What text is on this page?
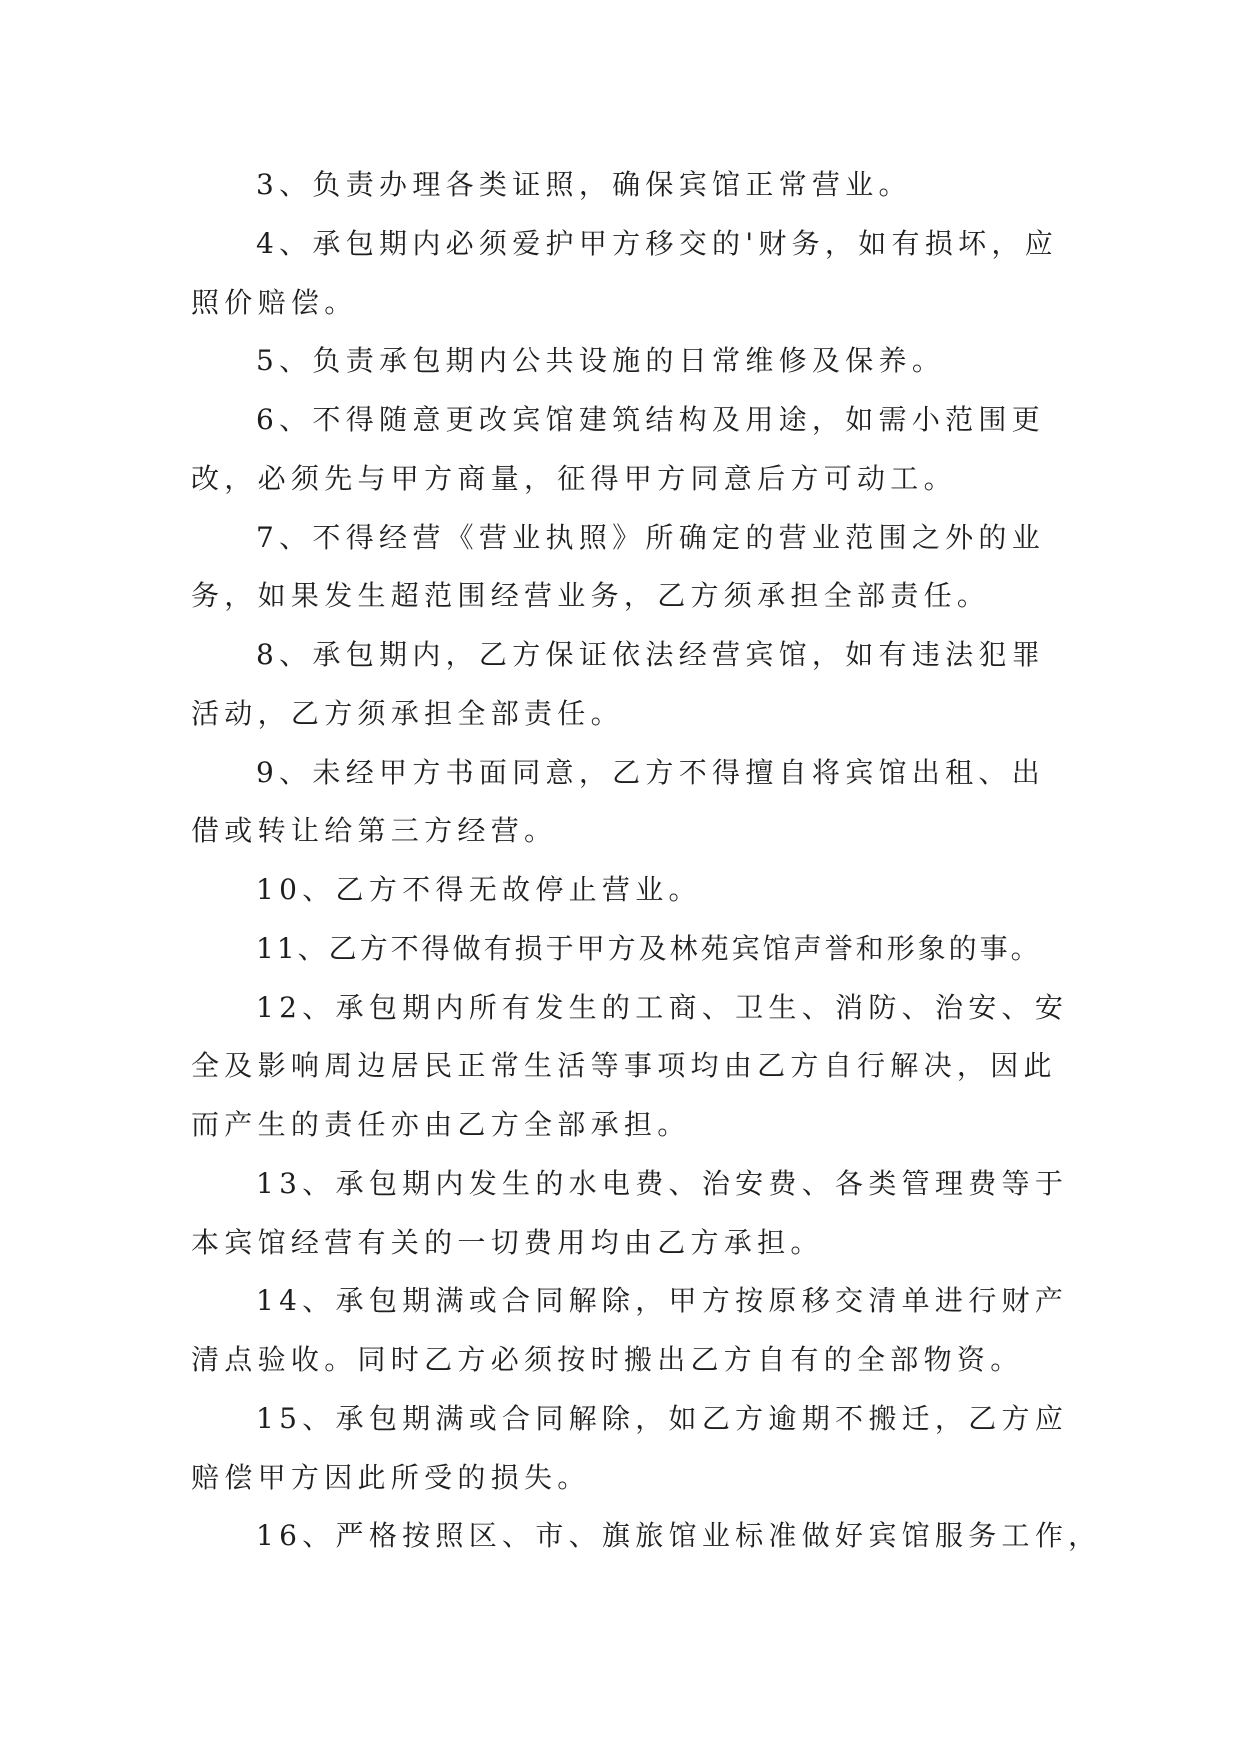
3、负责办理各类证照，确保宾馆正常营业。
4、承包期内必须爱护甲方移交的'财务，如有损坏，应
照价赔偿。
5、负责承包期内公共设施的日常维修及保养。
6、不得随意更改宾馆建筑结构及用途，如需小范围更
改，必须先与甲方商量，征得甲方同意后方可动工。
7、不得经营《营业执照》所确定的营业范围之外的业
务，如果发生超范围经营业务，乙方须承担全部责任。
8、承包期内，乙方保证依法经营宾馆，如有违法犯罪
活动，乙方须承担全部责任。
9、未经甲方书面同意，乙方不得擅自将宾馆出租、出
借或转让给第三方经营。
10、乙方不得无故停止营业。
11、乙方不得做有损于甲方及林苑宾馆声誉和形象的事。
12、承包期内所有发生的工商、卫生、消防、治安、安
全及影响周边居民正常生活等事项均由乙方自行解决，因此
而产生的责任亦由乙方全部承担。
13、承包期内发生的水电费、治安费、各类管理费等于
本宾馆经营有关的一切费用均由乙方承担。
14、承包期满或合同解除，甲方按原移交清单进行财产
清点验收。同时乙方必须按时搬出乙方自有的全部物资。
15、承包期满或合同解除，如乙方逾期不搬迁，乙方应
赔偿甲方因此所受的损失。
16、严格按照区、市、旗旅馆业标准做好宾馆服务工作，
